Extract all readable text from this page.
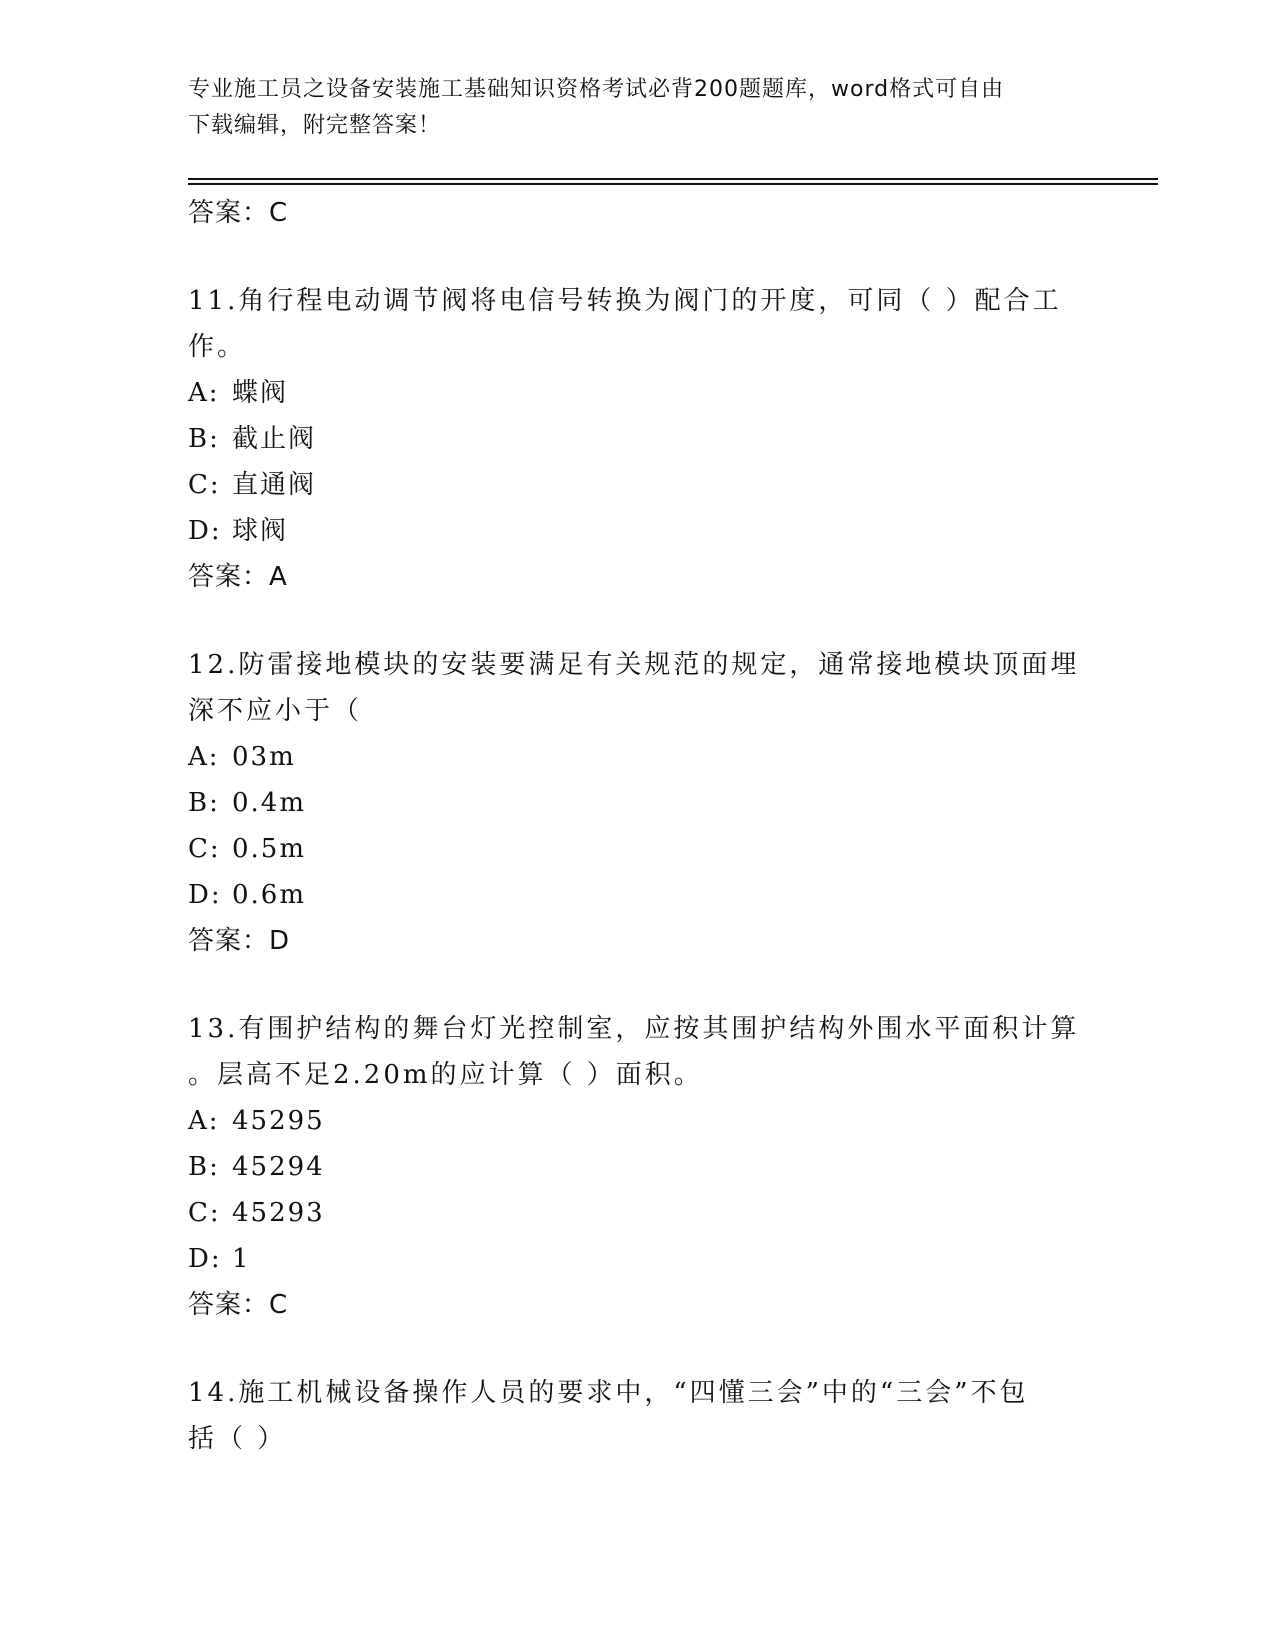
专业施工员之设备安装施工基础知识资格考试必背200题题库，word格式可自由
下载编辑，附完整答案！
答案：C
11.角行程电动调节阀将电信号转换为阀门的开度，可同（ ）配合工
作。
A: 蝶阀
B: 截止阀
C: 直通阀
D: 球阀
答案：A
12.防雷接地模块的安装要满足有关规范的规定，通常接地模块顶面埋
深不应小于（
A: 03m
B: 0.4m
C: 0.5m
D: 0.6m
答案：D
13.有围护结构的舞台灯光控制室，应按其围护结构外围水平面积计算
。层高不足2.20m的应计算（ ）面积。
A: 45295
B: 45294
C: 45293
D: 1
答案：C
14.施工机械设备操作人员的要求中，“四懂三会”中的“三会”不包
括（ ）
